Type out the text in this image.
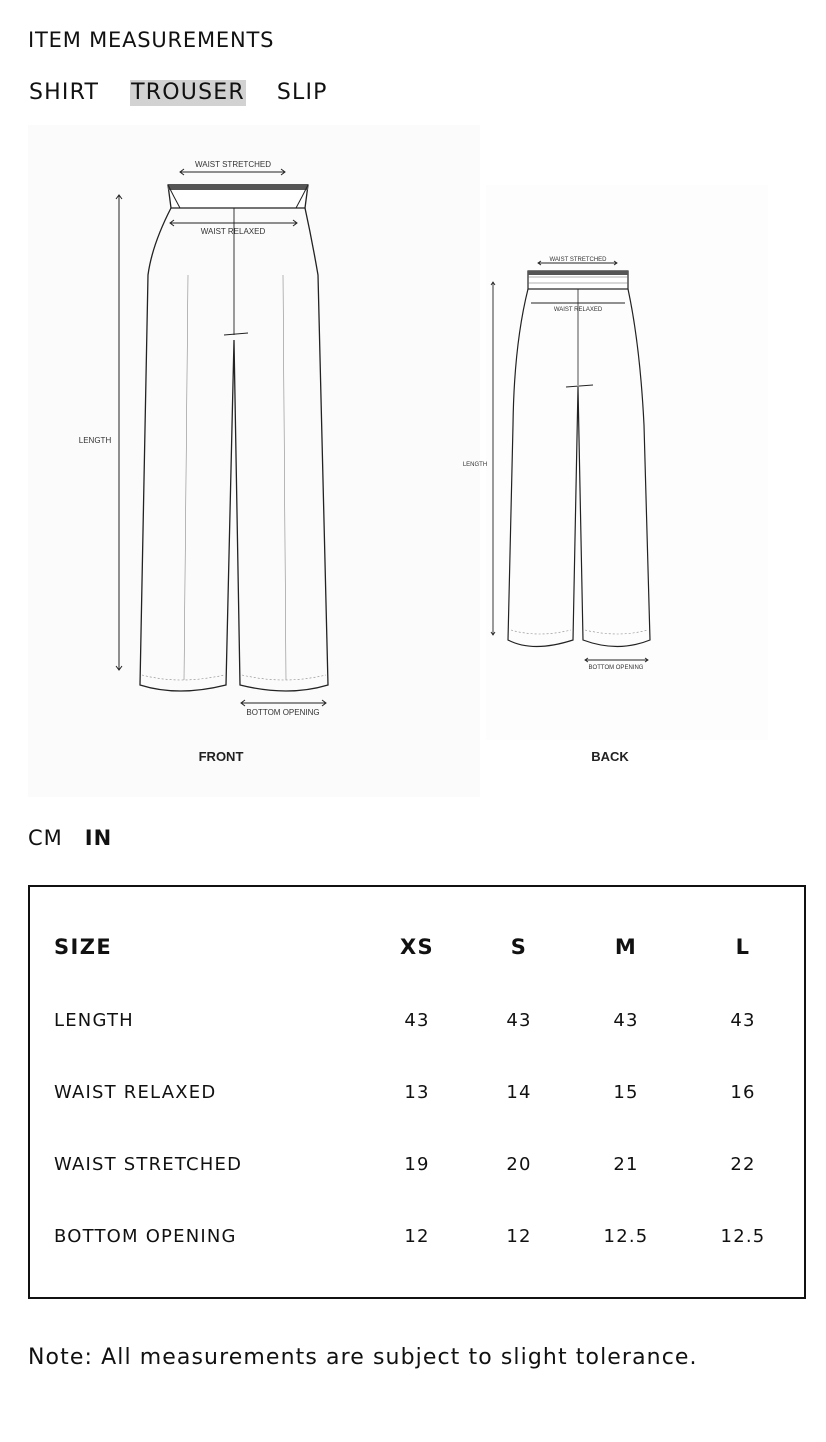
ITEM MEASUREMENTS
SHIRT TROUSER SLIP
WAIST STRETCHED
WAIST RELAXED
LENGTH
BOTTOM OPENING
FRONT
WAIST STRETCHED
WAIST RELAXED
LENGTH
BOTTOM OPENING
BACK
CM IN
SIZE	XS	S	M	L
LENGTH	43	43	43	43
WAIST RELAXED	13	14	15	16
WAIST STRETCHED	19	20	21	22
BOTTOM OPENING	12	12	12.5	12.5
Note: All measurements are subject to slight tolerance.
